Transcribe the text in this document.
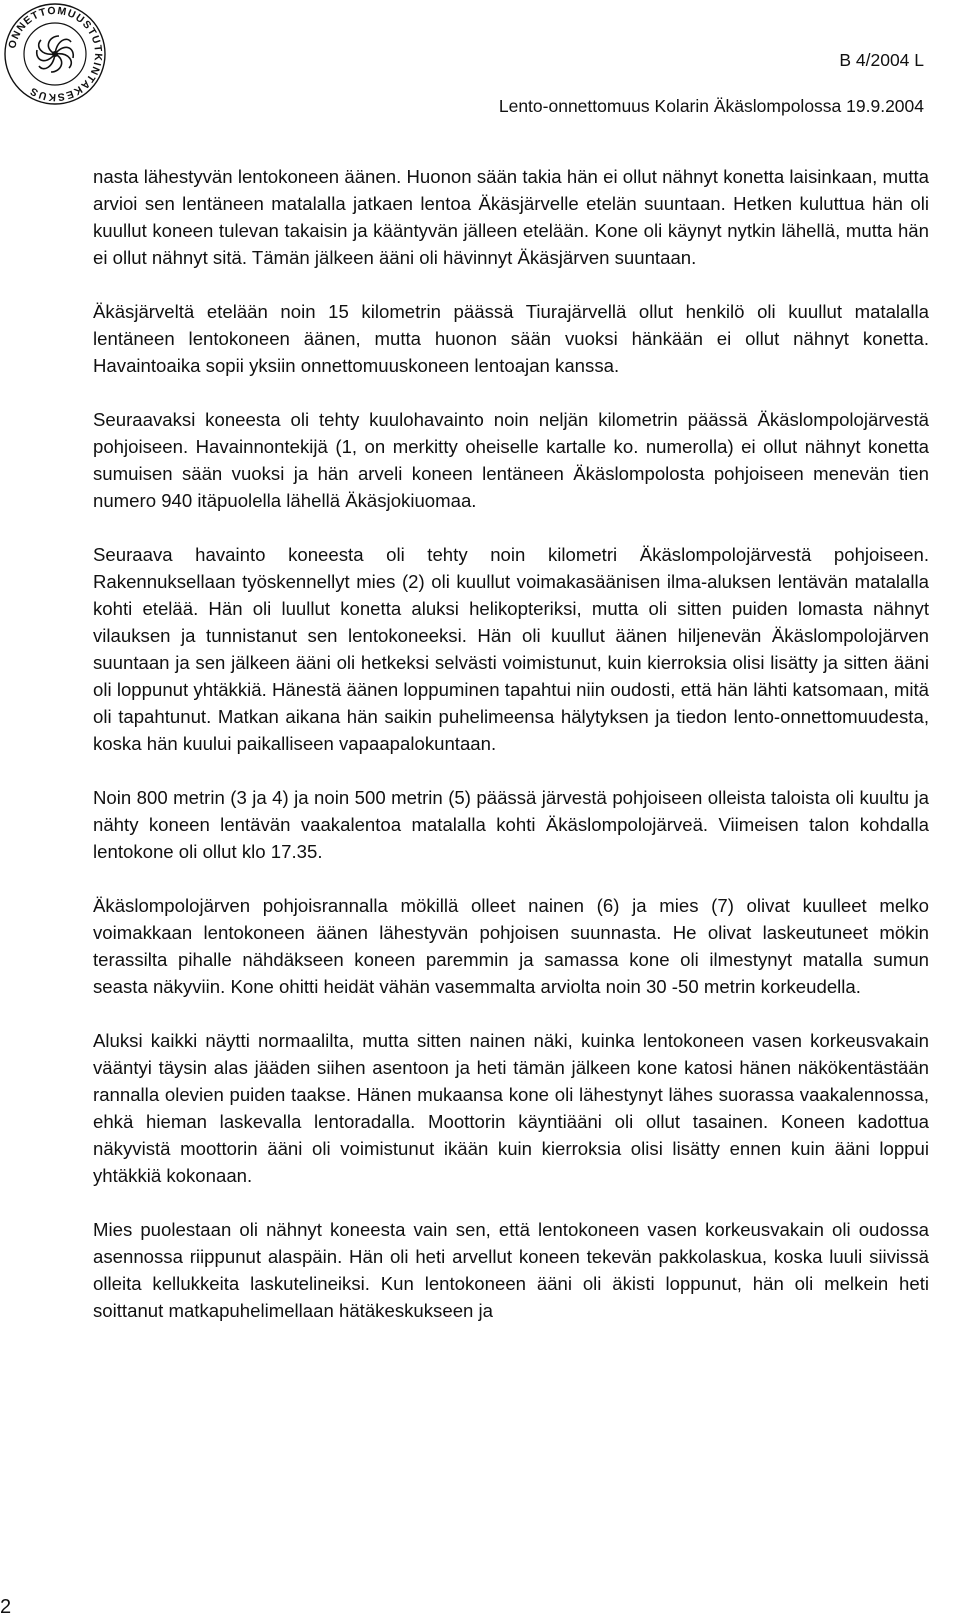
ONNETTOMUUSTUTKINTAKESKUS
B 4/2004 L
Lento-onnettomuus Kolarin Äkäslompolossa 19.9.2004

nasta lähestyvän lentokoneen äänen. Huonon sään takia hän ei ollut nähnyt konetta laisinkaan, mutta arvioi sen lentäneen matalalla jatkaen lentoa Äkäsjärvelle etelän suuntaan. Hetken kuluttua hän oli kuullut koneen tulevan takaisin ja kääntyvän jälleen etelään. Kone oli käynyt nytkin lähellä, mutta hän ei ollut nähnyt sitä. Tämän jälkeen ääni oli hävinnyt Äkäsjärven suuntaan.

Äkäsjärveltä etelään noin 15 kilometrin päässä Tiurajärvellä ollut henkilö oli kuullut matalalla lentäneen lentokoneen äänen, mutta huonon sään vuoksi hänkään ei ollut nähnyt konetta. Havaintoaika sopii yksiin onnettomuuskoneen lentoajan kanssa.

Seuraavaksi koneesta oli tehty kuulohavainto noin neljän kilometrin päässä Äkäslompolojärvestä pohjoiseen. Havainnontekijä (1, on merkitty oheiselle kartalle ko. numerolla) ei ollut nähnyt konetta sumuisen sään vuoksi ja hän arveli koneen lentäneen Äkäslompolosta pohjoiseen menevän tien numero 940 itäpuolella lähellä Äkäsjokiuomaa.

Seuraava havainto koneesta oli tehty noin kilometri Äkäslompolojärvestä pohjoiseen. Rakennuksellaan työskennellyt mies (2) oli kuullut voimakasäänisen ilma-aluksen lentävän matalalla kohti etelää. Hän oli luullut konetta aluksi helikopteriksi, mutta oli sitten puiden lomasta nähnyt vilauksen ja tunnistanut sen lentokoneeksi. Hän oli kuullut äänen hiljenevän Äkäslompolojärven suuntaan ja sen jälkeen ääni oli hetkeksi selvästi voimistunut, kuin kierroksia olisi lisätty ja sitten ääni oli loppunut yhtäkkiä. Hänestä äänen loppuminen tapahtui niin oudosti, että hän lähti katsomaan, mitä oli tapahtunut. Matkan aikana hän saikin puhelimeensa hälytyksen ja tiedon lento-onnettomuudesta, koska hän kuului paikalliseen vapaapalokuntaan.

Noin 800 metrin (3 ja 4) ja noin 500 metrin (5) päässä järvestä pohjoiseen olleista taloista oli kuultu ja nähty koneen lentävän vaakalentoa matalalla kohti Äkäslompolojärveä. Viimeisen talon kohdalla lentokone oli ollut klo 17.35.

Äkäslompolojärven pohjoisrannalla mökillä olleet nainen (6) ja mies (7) olivat kuulleet melko voimakkaan lentokoneen äänen lähestyvän pohjoisen suunnasta. He olivat laskeutuneet mökin terassilta pihalle nähdäkseen koneen paremmin ja samassa kone oli ilmestynyt matalla sumun seasta näkyviin. Kone ohitti heidät vähän vasemmalta arviolta noin 30 -50 metrin korkeudella.

Aluksi kaikki näytti normaalilta, mutta sitten nainen näki, kuinka lentokoneen vasen korkeusvakain vääntyi täysin alas jääden siihen asentoon ja heti tämän jälkeen kone katosi hänen näkökentästään rannalla olevien puiden taakse. Hänen mukaansa kone oli lähestynyt lähes suorassa vaakalennossa, ehkä hieman laskevalla lentoradalla. Moottorin käyntiääni oli ollut tasainen. Koneen kadottua näkyvistä moottorin ääni oli voimistunut ikään kuin kierroksia olisi lisätty ennen kuin ääni loppui yhtäkkiä kokonaan.

Mies puolestaan oli nähnyt koneesta vain sen, että lentokoneen vasen korkeusvakain oli oudossa asennossa riippunut alaspäin. Hän oli heti arvellut koneen tekevän pakkolaskua, koska luuli siivissä olleita kellukkeita laskutelineiksi. Kun lentokoneen ääni oli äkisti loppunut, hän oli melkein heti soittanut matkapuhelimellaan hätäkeskukseen ja

2
